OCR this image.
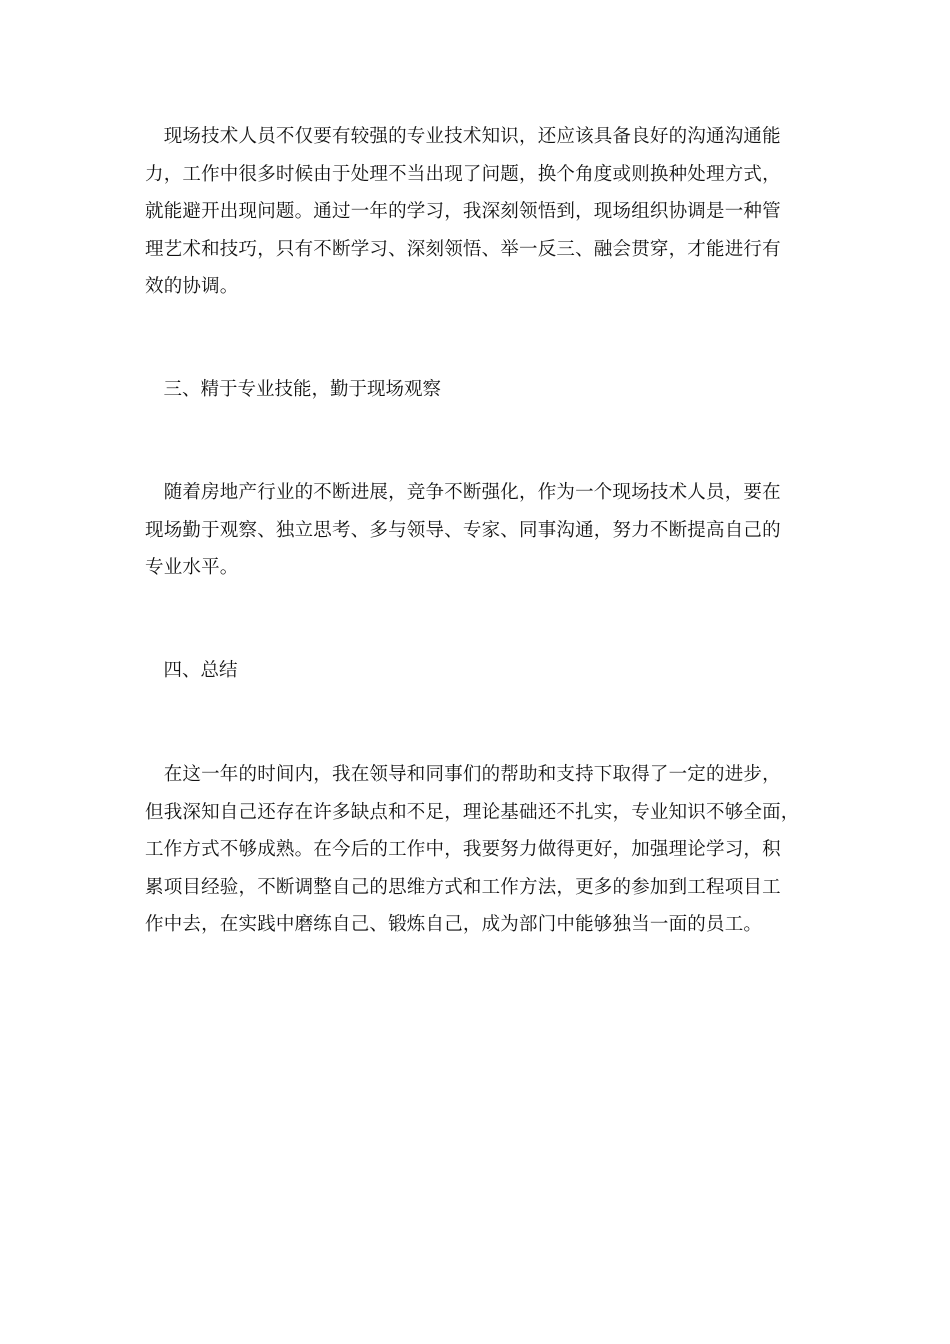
　现场技术人员不仅要有较强的专业技术知识，还应该具备良好的沟通沟通能
力，工作中很多时候由于处理不当出现了问题，换个角度或则换种处理方式，
就能避开出现问题。通过一年的学习，我深刻领悟到，现场组织协调是一种管
理艺术和技巧，只有不断学习、深刻领悟、举一反三、融会贯穿，才能进行有
效的协调。
　三、精于专业技能，勤于现场观察
　随着房地产行业的不断进展，竞争不断强化，作为一个现场技术人员，要在
现场勤于观察、独立思考、多与领导、专家、同事沟通，努力不断提高自己的
专业水平。
　四、总结
　在这一年的时间内，我在领导和同事们的帮助和支持下取得了一定的进步，
但我深知自己还存在许多缺点和不足，理论基础还不扎实，专业知识不够全面，
工作方式不够成熟。在今后的工作中，我要努力做得更好，加强理论学习，积
累项目经验，不断调整自己的思维方式和工作方法，更多的参加到工程项目工
作中去，在实践中磨练自己、锻炼自己，成为部门中能够独当一面的员工。
